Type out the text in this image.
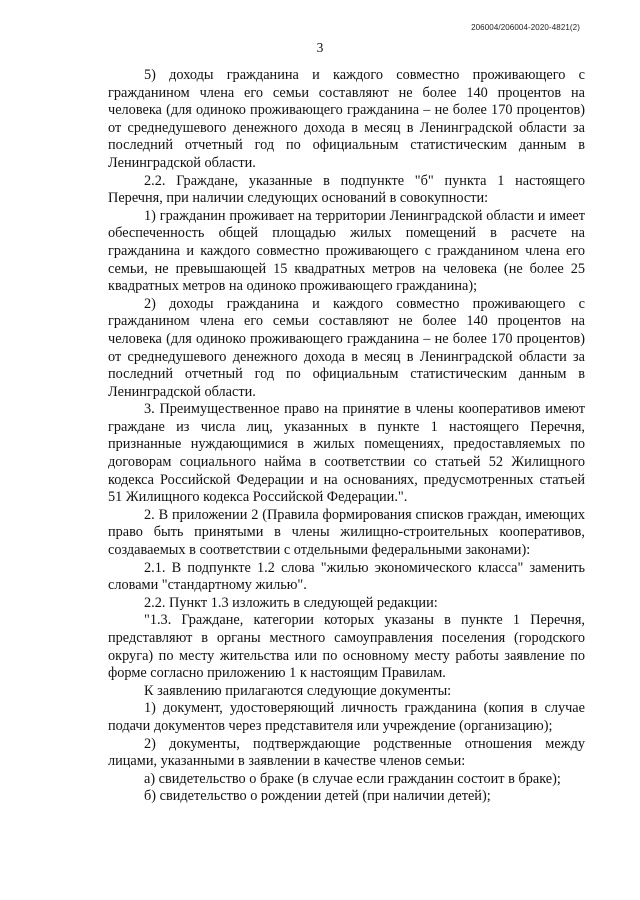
206004/206004-2020-4821(2)
3

5) доходы гражданина и каждого совместно проживающего с гражданином члена его семьи составляют не более 140 процентов на человека (для одиноко проживающего гражданина – не более 170 процентов) от среднедушевого денежного дохода в месяц в Ленинградской области за последний отчетный год по официальным статистическим данным в Ленинградской области.

2.2. Граждане, указанные в подпункте "б" пункта 1 настоящего Перечня, при наличии следующих оснований в совокупности:

1) гражданин проживает на территории Ленинградской области и имеет обеспеченность общей площадью жилых помещений в расчете на гражданина и каждого совместно проживающего с гражданином члена его семьи, не превышающей 15 квадратных метров на человека (не более 25 квадратных метров на одиноко проживающего гражданина);

2) доходы гражданина и каждого совместно проживающего с гражданином члена его семьи составляют не более 140 процентов на человека (для одиноко проживающего гражданина – не более 170 процентов) от среднедушевого денежного дохода в месяц в Ленинградской области за последний отчетный год по официальным статистическим данным в Ленинградской области.

3. Преимущественное право на принятие в члены кооперативов имеют граждане из числа лиц, указанных в пункте 1 настоящего Перечня, признанные нуждающимися в жилых помещениях, предоставляемых по договорам социального найма в соответствии со статьей 52 Жилищного кодекса Российской Федерации и на основаниях, предусмотренных статьей 51 Жилищного кодекса Российской Федерации.".

2. В приложении 2 (Правила формирования списков граждан, имеющих право быть принятыми в члены жилищно-строительных кооперативов, создаваемых в соответствии с отдельными федеральными законами):

2.1. В подпункте 1.2 слова "жилью экономического класса" заменить словами "стандартному жилью".

2.2. Пункт 1.3 изложить в следующей редакции:

"1.3. Граждане, категории которых указаны в пункте 1 Перечня, представляют в органы местного самоуправления поселения (городского округа) по месту жительства или по основному месту работы заявление по форме согласно приложению 1 к настоящим Правилам.

К заявлению прилагаются следующие документы:

1) документ, удостоверяющий личность гражданина (копия в случае подачи документов через представителя или учреждение (организацию);

2) документы, подтверждающие родственные отношения между лицами, указанными в заявлении в качестве членов семьи:

а) свидетельство о браке (в случае если гражданин состоит в браке);

б) свидетельство о рождении детей (при наличии детей);
